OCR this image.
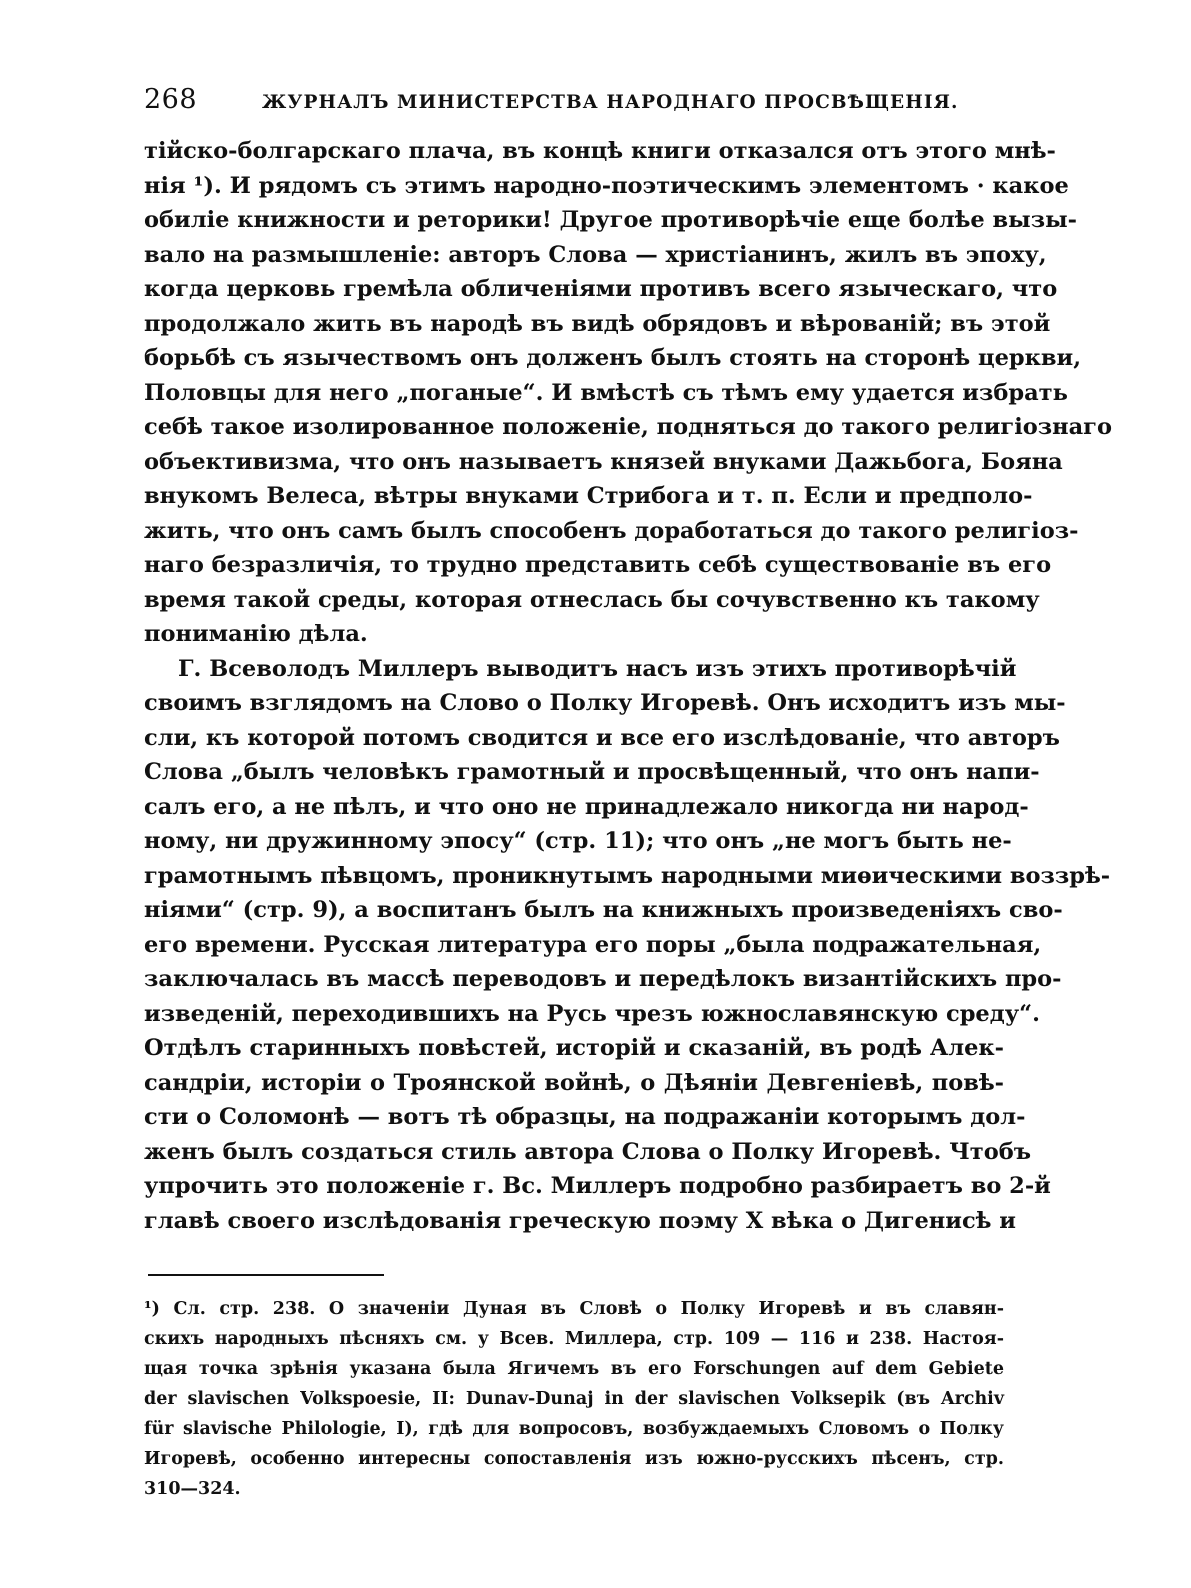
268	ЖУРНАЛЪ МИНИСТЕРСТВА НАРОДНАГО ПРОСВѢЩЕНІЯ.
тійско-болгарскаго плача, въ концѣ книги отказался отъ этого мнѣ-
нія ¹). И рядомъ съ этимъ народно-поэтическимъ элементомъ · какое
обиліе книжности и реторики! Другое противорѣчіе еще болѣе вызы-
вало на размышленіе: авторъ Слова — христіанинъ, жилъ въ эпоху,
когда церковь гремѣла обличеніями противъ всего языческаго, что
продолжало жить въ народѣ въ видѣ обрядовъ и вѣрованій; въ этой
борьбѣ съ язычествомъ онъ долженъ былъ стоять на сторонѣ церкви,
Половцы для него „поганые“. И вмѣстѣ съ тѣмъ ему удается избрать
себѣ такое изолированное положеніе, подняться до такого религіознаго
объективизма, что онъ называетъ князей внуками Дажьбога, Бояна
внукомъ Велеса, вѣтры внуками Стрибога и т. п. Если и предполо-
жить, что онъ самъ былъ способенъ доработаться до такого религіоз-
наго безразличія, то трудно представить себѣ существованіе въ его
время такой среды, которая отнеслась бы сочувственно къ такому
пониманію дѣла.
Г. Всеволодъ Миллеръ выводитъ насъ изъ этихъ противорѣчій
своимъ взглядомъ на Слово о Полку Игоревѣ. Онъ исходитъ изъ мы-
сли, къ которой потомъ сводится и все его изслѣдованіе, что авторъ
Слова „былъ человѣкъ грамотный и просвѣщенный, что онъ напи-
салъ его, а не пѣлъ, и что оно не принадлежало никогда ни народ-
ному, ни дружинному эпосу“ (стр. 11); что онъ „не могъ быть не-
грамотнымъ пѣвцомъ, проникнутымъ народными миѳическими воззрѣ-
ніями“ (стр. 9), а воспитанъ былъ на книжныхъ произведеніяхъ сво-
его времени. Русская литература его поры „была подражательная,
заключалась въ массѣ переводовъ и передѣлокъ византійскихъ про-
изведеній, переходившихъ на Русь чрезъ южнославянскую среду“.
Отдѣлъ старинныхъ повѣстей, исторій и сказаній, въ родѣ Алек-
сандріи, исторіи о Троянской войнѣ, о Дѣяніи Девгеніевѣ, повѣ-
сти о Соломонѣ — вотъ тѣ образцы, на подражаніи которымъ дол-
женъ былъ создаться стиль автора Слова о Полку Игоревѣ. Чтобъ
упрочить это положеніе г. Вс. Миллеръ подробно разбираетъ во 2-й
главѣ своего изслѣдованія греческую поэму X вѣка о Дигенисѣ и
¹) Сл. стр. 238. О значеніи Дуная въ Словѣ о Полку Игоревѣ и въ славян-
скихъ народныхъ пѣсняхъ см. у Всев. Миллера, стр. 109 — 116 и 238. Настоя-
щая точка зрѣнія указана была Ягичемъ въ его Forschungen auf dem Gebiete
der slavischen Volkspoesie, II: Dunav-Dunaj in der slavischen Volksepik (въ Archiv
für slavische Philologie, I), гдѣ для вопросовъ, возбуждаемыхъ Словомъ о Полку
Игоревѣ, особенно интересны сопоставленія изъ южно-русскихъ пѣсенъ, стр.
310—324.
